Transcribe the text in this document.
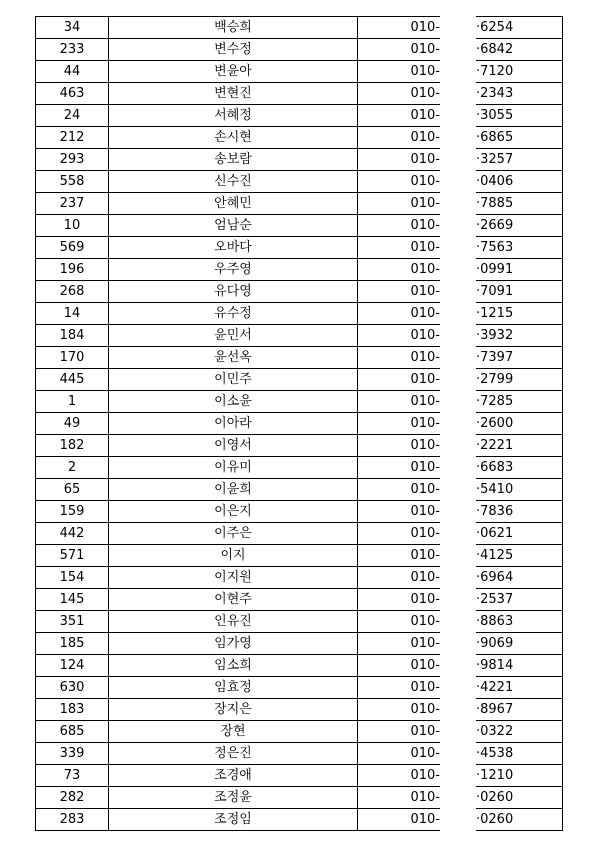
34	백승희	010-		·6254
233	변수정	010-		·6842
44	변윤아	010-		·7120
463	변현진	010-		·2343
24	서혜정	010-		·3055
212	손시현	010-		·6865
293	송보람	010-		·3257
558	신수진	010-		·0406
237	안혜민	010-		·7885
10	엄남순	010-		·2669
569	오바다	010-		·7563
196	우주영	010-		·0991
268	유다영	010-		·7091
14	유수정	010-		·1215
184	윤민서	010-		·3932
170	윤선옥	010-		·7397
445	이민주	010-		·2799
1	이소윤	010-		·7285
49	이아라	010-		·2600
182	이영서	010-		·2221
2	이유미	010-		·6683
65	이윤희	010-		·5410
159	이은지	010-		·7836
442	이주은	010-		·0621
571	이지	010-		·4125
154	이지원	010-		·6964
145	이현주	010-		·2537
351	인유진	010-		·8863
185	임가영	010-		·9069
124	임소희	010-		·9814
630	임효정	010-		·4221
183	장지은	010-		·8967
685	장현	010-		·0322
339	정은진	010-		·4538
73	조경애	010-		·1210
282	조정윤	010-		·0260
283	조정임	010-		·0260
